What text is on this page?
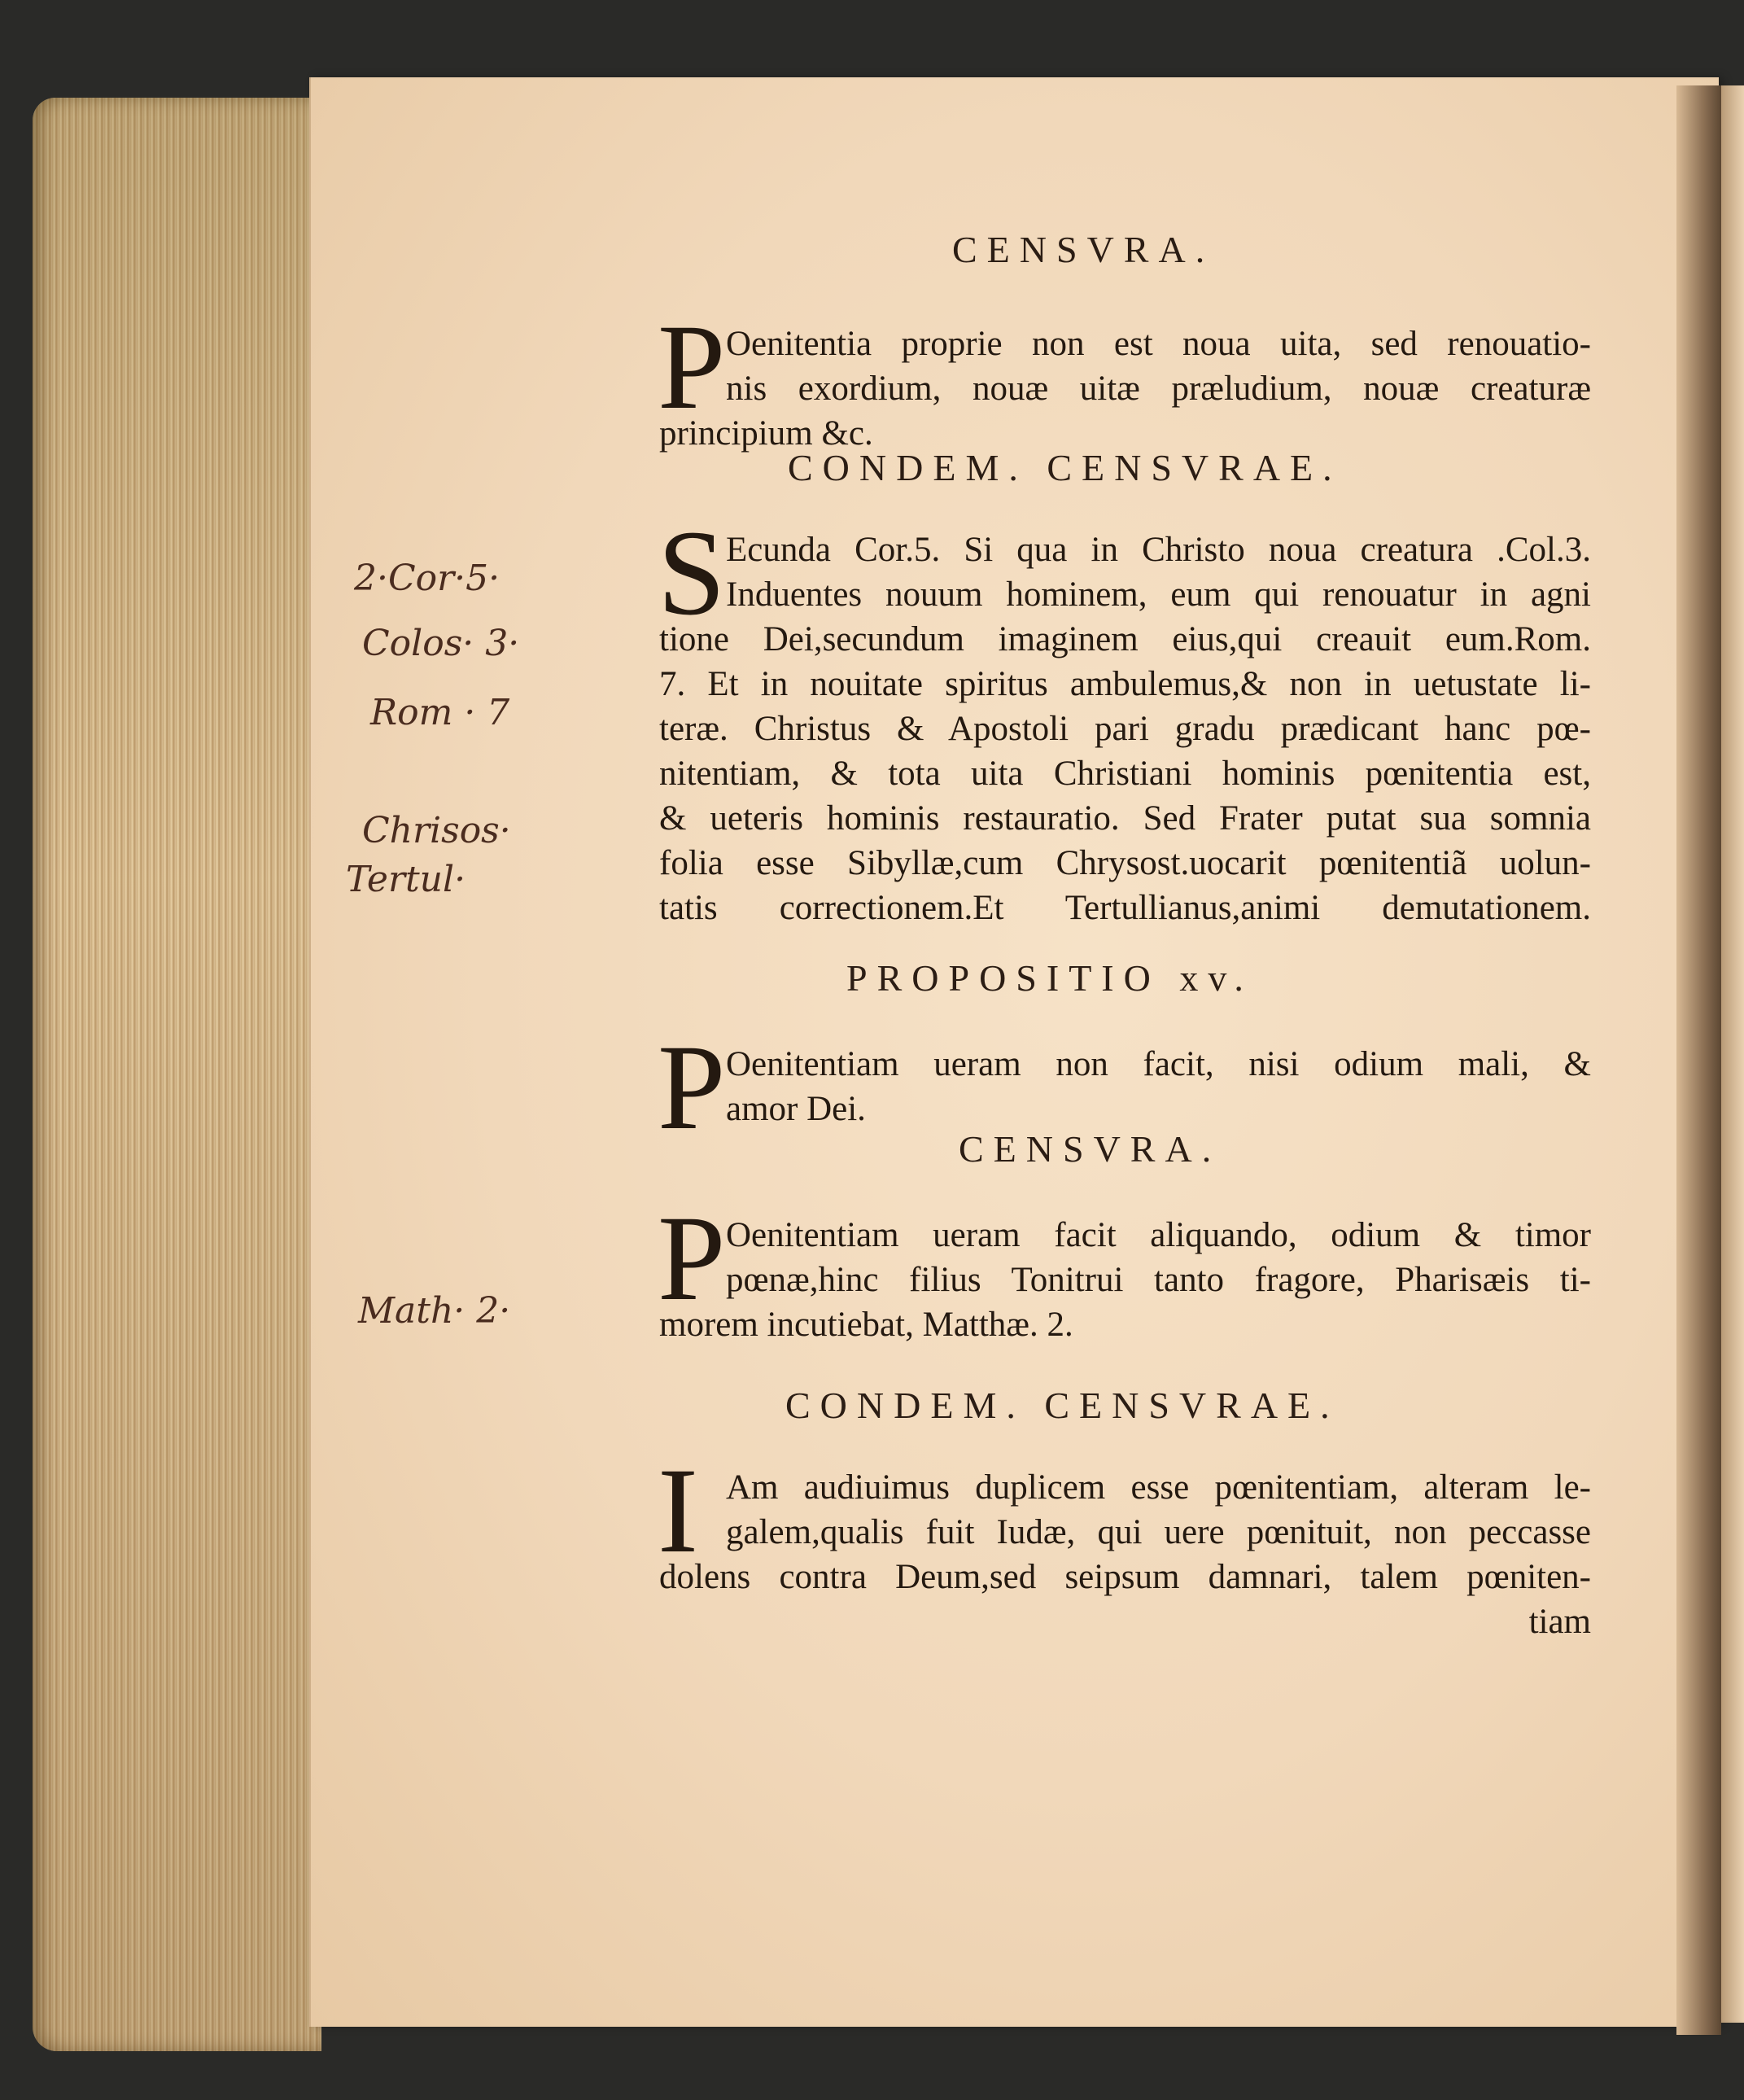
2·Cor·5·
Colos· 3·
Rom · 7
Chrisos·
Tertul·
Math· 2·
CENSVRA.
P Oenitentia proprie non est noua uita, sed renouatio-
nis exordium, nouæ uitæ præludium, nouæ creaturæ
principium &c.
CONDEM. CENSVRAE.
S Ecunda Cor.5. Si qua in Christo noua creatura .Col.3.
Induentes nouum hominem, eum qui renouatur in agni
tione Dei,secundum imaginem eius,qui creauit eum.Rom.
7. Et in nouitate spiritus ambulemus,& non in uetustate li-
teræ. Christus & Apostoli pari gradu prædicant hanc pœ-
nitentiam, & tota uita Christiani hominis pœnitentia est,
& ueteris hominis restauratio. Sed Frater putat sua somnia
folia esse Sibyllæ,cum Chrysost.uocarit pœnitentiã uolun-
tatis correctionem.Et Tertullianus,animi demutationem.
PROPOSITIO xv.
P Oenitentiam ueram non facit, nisi odium mali, &
amor Dei.
CENSVRA.
P Oenitentiam ueram facit aliquando, odium & timor
pœnæ,hinc filius Tonitrui tanto fragore, Pharisæis ti-
morem incutiebat, Matthæ. 2.
CONDEM. CENSVRAE.
I Am audiuimus duplicem esse pœnitentiam, alteram le-
galem,qualis fuit Iudæ, qui uere pœnituit, non peccasse
dolens contra Deum,sed seipsum damnari, talem pœniten-
tiam
